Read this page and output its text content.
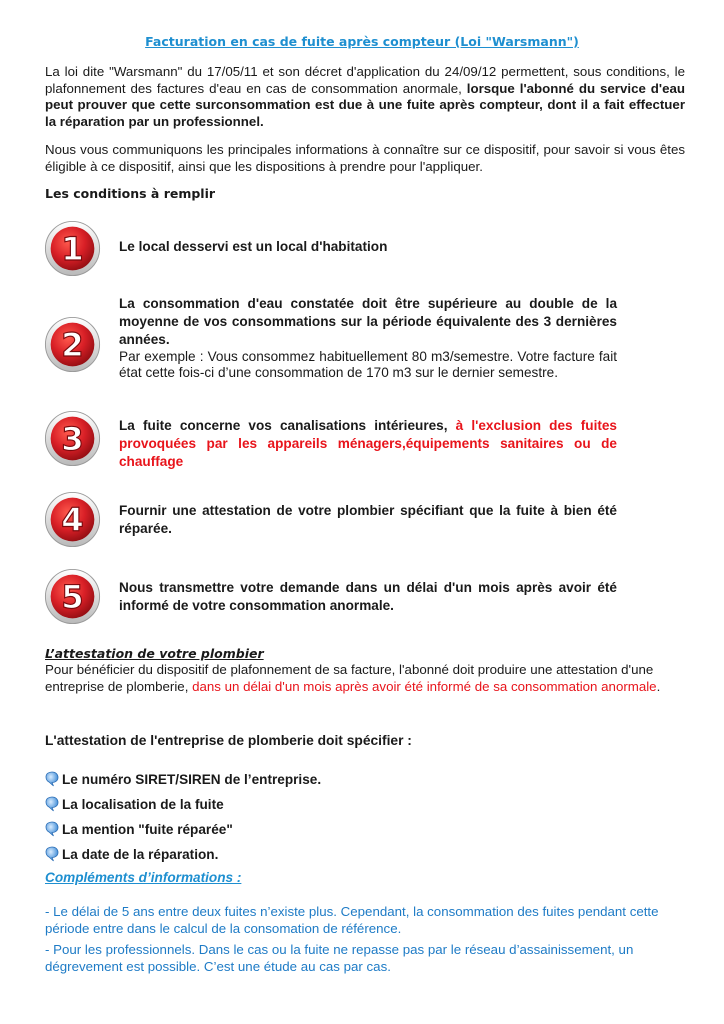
Facturation en cas de fuite après compteur (Loi "Warsmann")
La loi dite "Warsmann" du 17/05/11 et son décret d'application du 24/09/12 permettent, sous conditions, le plafonnement des factures d'eau en cas de consommation anormale, lorsque l'abonné du service d'eau peut prouver que cette surconsommation est due à une fuite après compteur, dont il a fait effectuer la réparation par un professionnel.
Nous vous communiquons les principales informations à connaître sur ce dispositif, pour savoir si vous êtes éligible à ce dispositif, ainsi que les dispositions à prendre pour l'appliquer.
Les conditions à remplir
1	Le local desservi est un local d'habitation
2
La consommation d'eau constatée doit être supérieure au double de la moyenne de vos consommations sur la période équivalente des 3 dernières années.
Par exemple : Vous consommez habituellement 80 m3/semestre. Votre facture fait état cette fois-ci d’une consommation de 170 m3 sur le dernier semestre.
3	La fuite concerne vos canalisations intérieures, à l'exclusion des fuites provoquées par les appareils ménagers,équipements sanitaires ou de chauffage
4	Fournir une attestation de votre plombier spécifiant que la fuite à bien été réparée.
5	Nous transmettre votre demande dans un délai d'un mois après avoir été informé de votre consommation anormale.
L’attestation de votre plombier
Pour bénéficier du dispositif de plafonnement de sa facture, l'abonné doit produire une attestation d'une entreprise de plomberie, dans un délai d'un mois après avoir été informé de sa consommation anormale.
L'attestation de l'entreprise de plomberie doit spécifier :
Le numéro SIRET/SIREN de l’entreprise.
La localisation de la fuite
La mention "fuite réparée"
La date de la réparation.
Compléments d’informations :
- Le délai de 5 ans entre deux fuites n’existe plus. Cependant, la consommation des fuites pendant cette période entre dans le calcul de la consomation de référence.
- Pour les professionnels. Dans le cas ou la fuite ne repasse pas par le réseau d’assainissement, un dégrevement est possible. C’est une étude au cas par cas.
